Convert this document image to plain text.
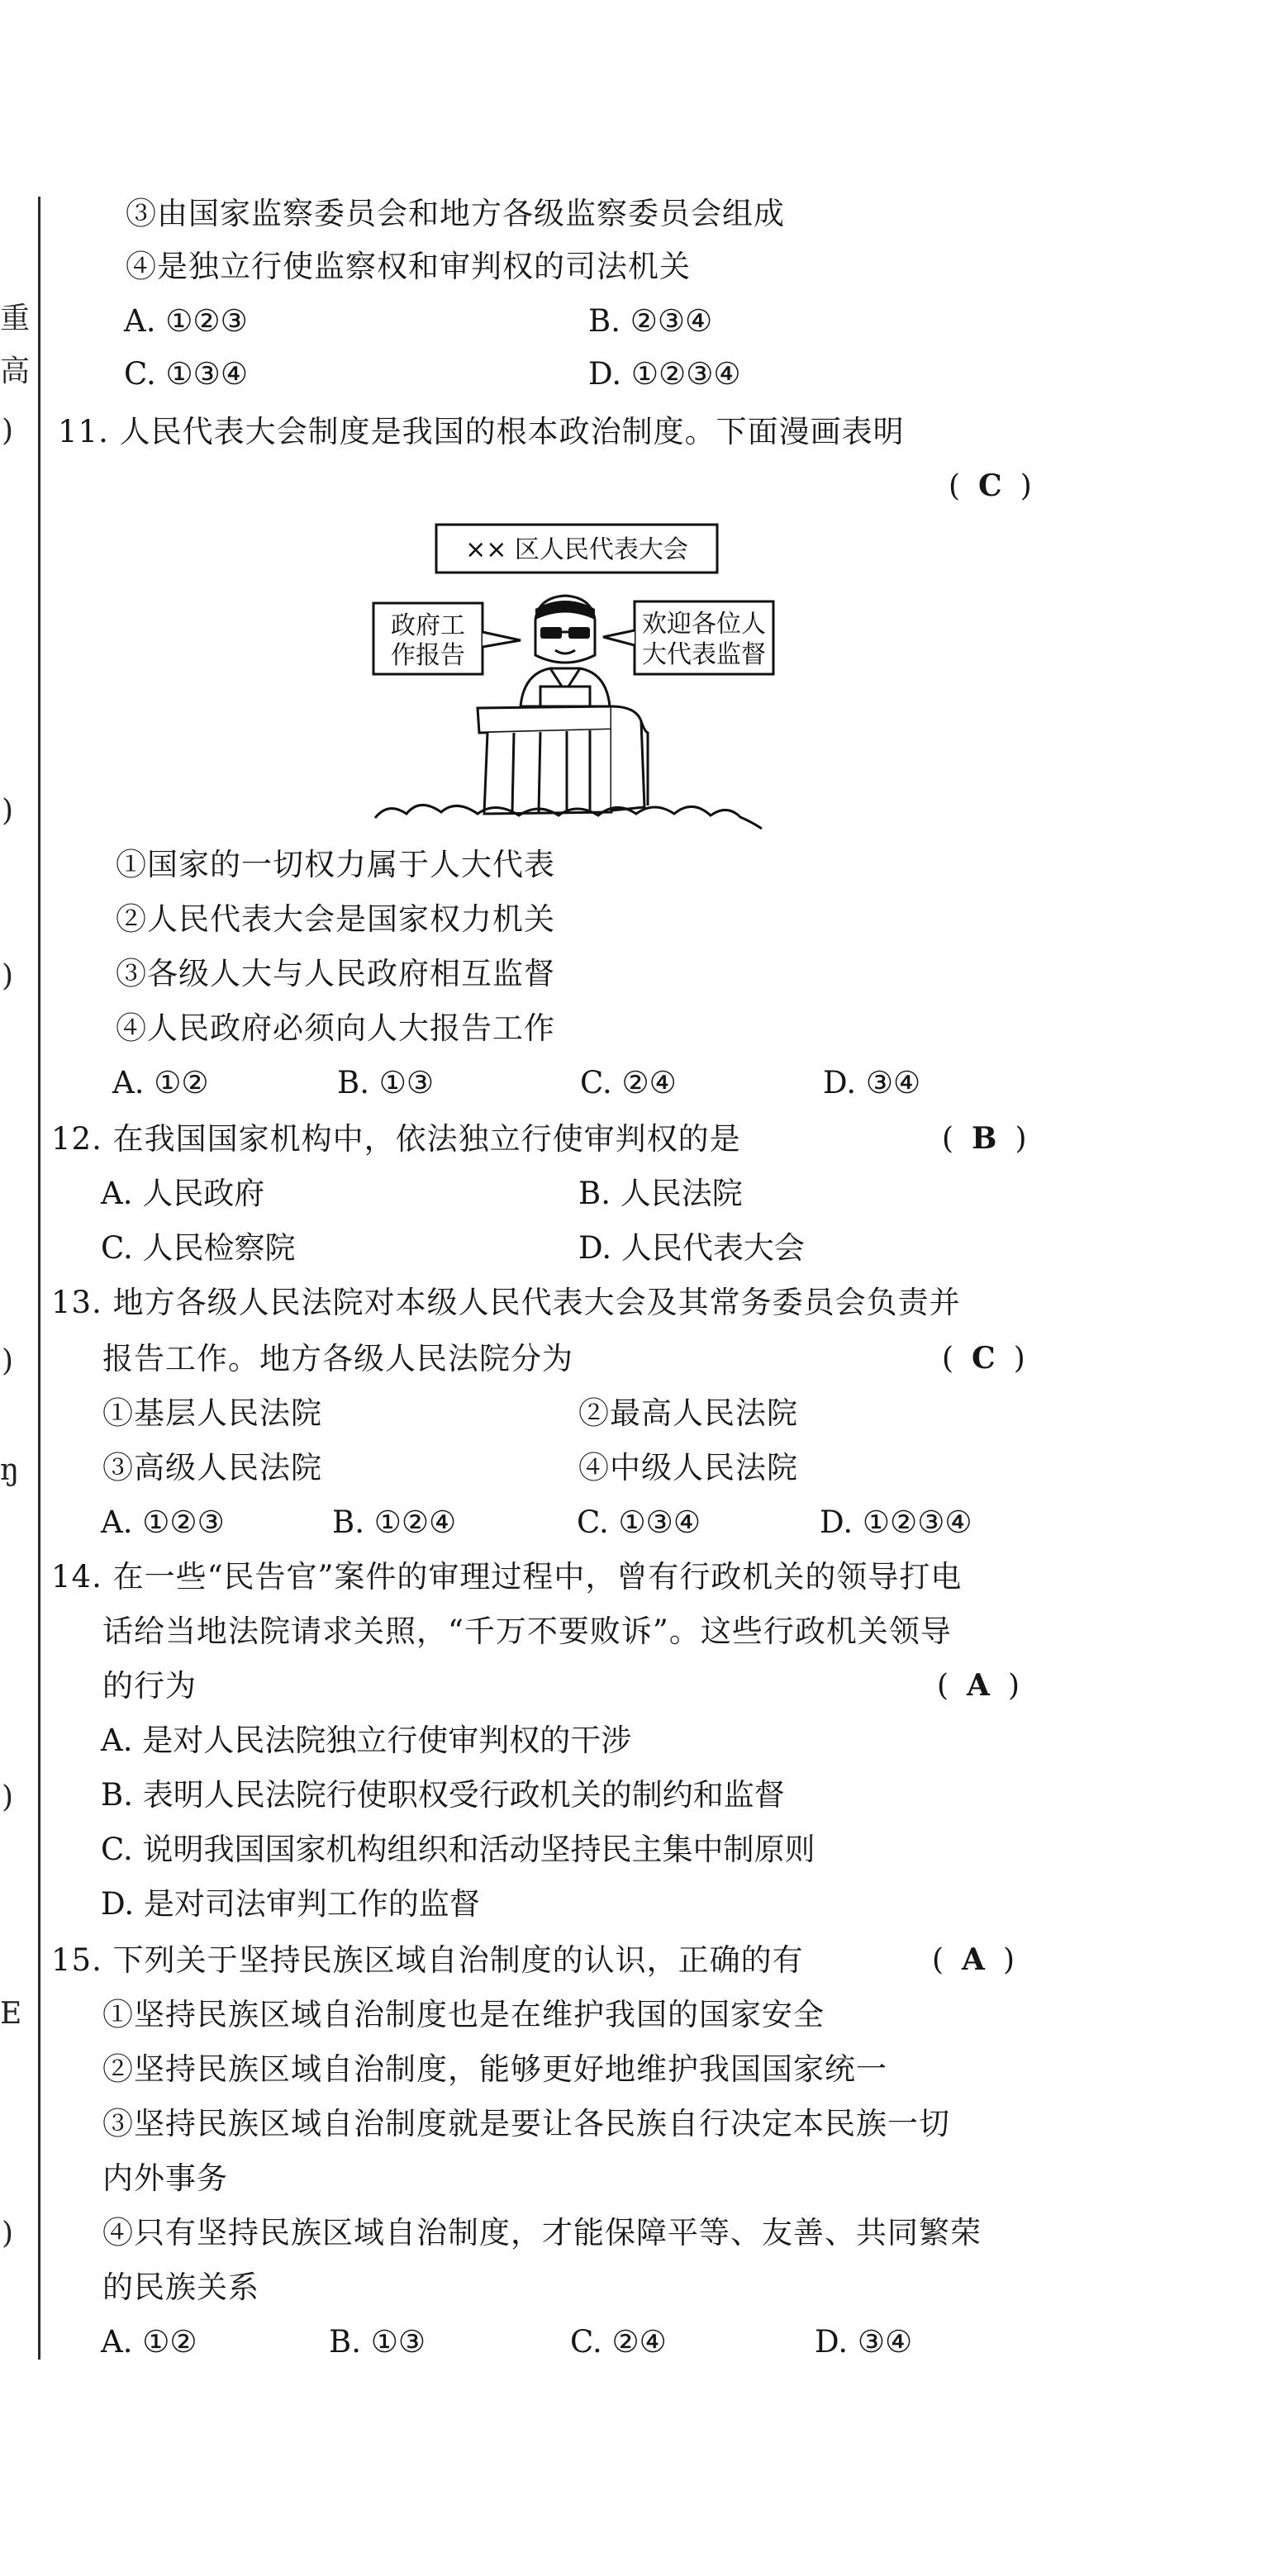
重
高
)
)
)
)
ŋ
)
E
)
③由国家监察委员会和地方各级监察委员会组成
④是独立行使监察权和审判权的司法机关
A. ①②③	B. ②③④
C. ①③④	D. ①②③④
11. 人民代表大会制度是我国的根本政治制度。下面漫画表明
( C )
×× 区人民代表大会
政府工
作报告
欢迎各位人
大代表监督
①国家的一切权力属于人大代表
②人民代表大会是国家权力机关
③各级人大与人民政府相互监督
④人民政府必须向人大报告工作
A. ①②	B. ①③	C. ②④	D. ③④
12. 在我国国家机构中，依法独立行使审判权的是	( B )
A. 人民政府	B. 人民法院
C. 人民检察院	D. 人民代表大会
13. 地方各级人民法院对本级人民代表大会及其常务委员会负责并
报告工作。地方各级人民法院分为	( C )
①基层人民法院	②最高人民法院
③高级人民法院	④中级人民法院
A. ①②③	B. ①②④	C. ①③④	D. ①②③④
14. 在一些“民告官”案件的审理过程中，曾有行政机关的领导打电
话给当地法院请求关照，“千万不要败诉”。这些行政机关领导
的行为	( A )
A. 是对人民法院独立行使审判权的干涉
B. 表明人民法院行使职权受行政机关的制约和监督
C. 说明我国国家机构组织和活动坚持民主集中制原则
D. 是对司法审判工作的监督
15. 下列关于坚持民族区域自治制度的认识，正确的有	( A )
①坚持民族区域自治制度也是在维护我国的国家安全
②坚持民族区域自治制度，能够更好地维护我国国家统一
③坚持民族区域自治制度就是要让各民族自行决定本民族一切
内外事务
④只有坚持民族区域自治制度，才能保障平等、友善、共同繁荣
的民族关系
A. ①②	B. ①③	C. ②④	D. ③④
